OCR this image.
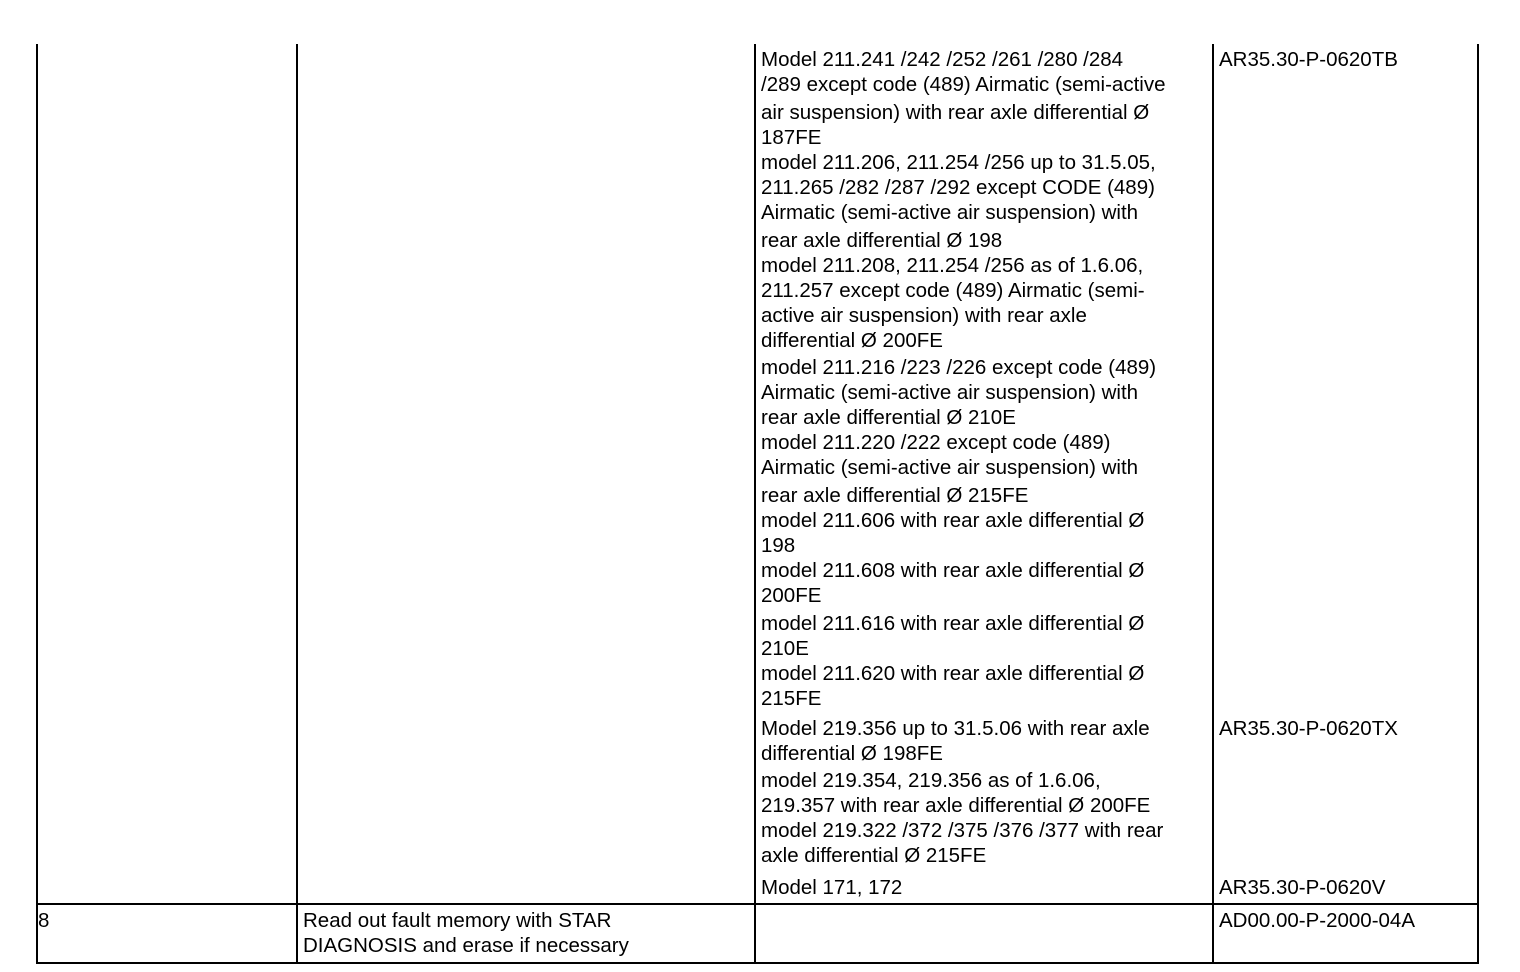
Model 211.241 /242 /252 /261 /280 /284
/289 except code (489) Airmatic (semi-active
air suspension) with rear axle differential Ø
187FE
model 211.206, 211.254 /256 up to 31.5.05,
211.265 /282 /287 /292 except CODE (489)
Airmatic (semi-active air suspension) with
rear axle differential Ø 198
model 211.208, 211.254 /256 as of 1.6.06,
211.257 except code (489) Airmatic (semi-
active air suspension) with rear axle
differential Ø 200FE
model 211.216 /223 /226 except code (489)
Airmatic (semi-active air suspension) with
rear axle differential Ø 210E
model 211.220 /222 except code (489)
Airmatic (semi-active air suspension) with
rear axle differential Ø 215FE
model 211.606 with rear axle differential Ø
198
model 211.608 with rear axle differential Ø
200FE
model 211.616 with rear axle differential Ø
210E
model 211.620 with rear axle differential Ø
215FE
AR35.30-P-0620TB
Model 219.356 up to 31.5.06 with rear axle
differential Ø 198FE
model 219.354, 219.356 as of 1.6.06,
219.357 with rear axle differential Ø 200FE
model 219.322 /372 /375 /376 /377 with rear
axle differential Ø 215FE
AR35.30-P-0620TX
Model 171, 172	AR35.30-P-0620V
8	Read out fault memory with STAR
DIAGNOSIS and erase if necessary
AD00.00-P-2000-04A
